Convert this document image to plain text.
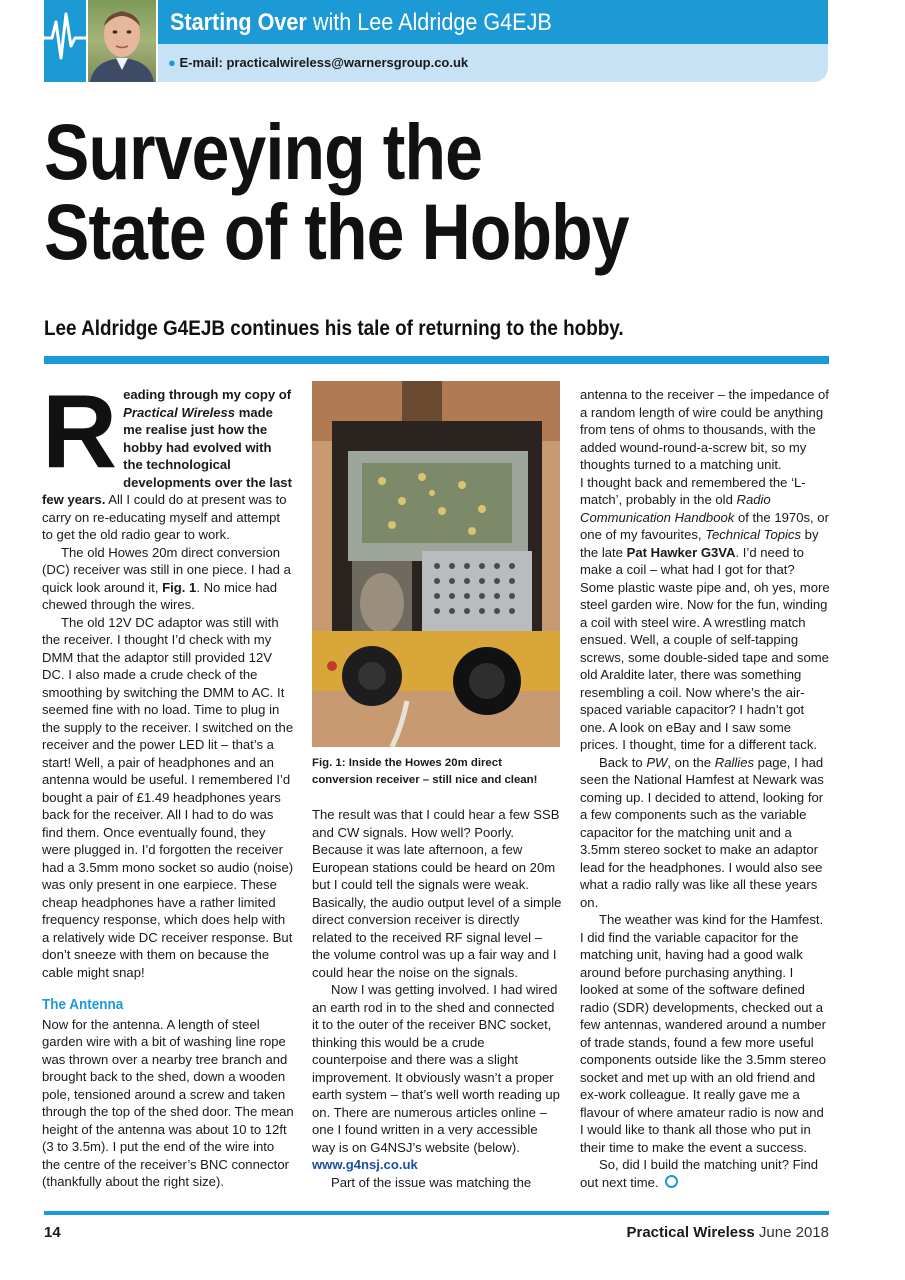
Starting Over with Lee Aldridge G4EJB
● E-mail: practicalwireless@warnersgroup.co.uk
Surveying the
State of the Hobby
Lee Aldridge G4EJB continues his tale of returning to the hobby.

Reading through my copy of Practical Wireless made me realise just how the hobby had evolved with the technological developments over the last few years. All I could do at present was to carry on re-educating myself and attempt to get the old radio gear to work.

The old Howes 20m direct conversion (DC) receiver was still in one piece. I had a quick look around it, Fig. 1. No mice had chewed through the wires.

The old 12V DC adaptor was still with the receiver. I thought I’d check with my DMM that the adaptor still provided 12V DC. I also made a crude check of the smoothing by switching the DMM to AC. It seemed fine with no load. Time to plug in the supply to the receiver. I switched on the receiver and the power LED lit – that’s a start! Well, a pair of headphones and an antenna would be useful. I remembered I’d bought a pair of £1.49 headphones years back for the receiver. All I had to do was find them. Once eventually found, they were plugged in. I’d forgotten the receiver had a 3.5mm mono socket so audio (noise) was only present in one earpiece. These cheap headphones have a rather limited frequency response, which does help with a relatively wide DC receiver response. But don’t sneeze with them on because the cable might snap!

The Antenna

Now for the antenna. A length of steel garden wire with a bit of washing line rope was thrown over a nearby tree branch and brought back to the shed, down a wooden pole, tensioned around a screw and taken through the top of the shed door. The mean height of the antenna was about 10 to 12ft (3 to 3.5m). I put the end of the wire into the centre of the receiver’s BNC connector (thankfully about the right size).

Fig. 1: Inside the Howes 20m direct conversion receiver – still nice and clean!

The result was that I could hear a few SSB and CW signals. How well? Poorly. Because it was late afternoon, a few European stations could be heard on 20m but I could tell the signals were weak. Basically, the audio output level of a simple direct conversion receiver is directly related to the received RF signal level – the volume control was up a fair way and I could hear the noise on the signals.

Now I was getting involved. I had wired an earth rod in to the shed and connected it to the outer of the receiver BNC socket, thinking this would be a crude counterpoise and there was a slight improvement. It obviously wasn’t a proper earth system – that’s well worth reading up on. There are numerous articles online – one I found written in a very accessible way is on G4NSJ’s website (below).

www.g4nsj.co.uk

Part of the issue was matching the

antenna to the receiver – the impedance of a random length of wire could be anything from tens of ohms to thousands, with the added wound-round-a-screw bit, so my thoughts turned to a matching unit.

I thought back and remembered the ‘L-match’, probably in the old Radio Communication Handbook of the 1970s, or one of my favourites, Technical Topics by the late Pat Hawker G3VA. I’d need to make a coil – what had I got for that? Some plastic waste pipe and, oh yes, more steel garden wire. Now for the fun, winding a coil with steel wire. A wrestling match ensued. Well, a couple of self-tapping screws, some double-sided tape and some old Araldite later, there was something resembling a coil. Now where’s the air-spaced variable capacitor? I hadn’t got one. A look on eBay and I saw some prices. I thought, time for a different tack.

Back to PW, on the Rallies page, I had seen the National Hamfest at Newark was coming up. I decided to attend, looking for a few components such as the variable capacitor for the matching unit and a 3.5mm stereo socket to make an adaptor lead for the headphones. I would also see what a radio rally was like all these years on.

The weather was kind for the Hamfest. I did find the variable capacitor for the matching unit, having had a good walk around before purchasing anything. I looked at some of the software defined radio (SDR) developments, checked out a few antennas, wandered around a number of trade stands, found a few more useful components outside like the 3.5mm stereo socket and met up with an old friend and ex-work colleague. It really gave me a flavour of where amateur radio is now and I would like to thank all those who put in their time to make the event a success.

So, did I build the matching unit? Find out next time.

14	Practical Wireless June 2018
